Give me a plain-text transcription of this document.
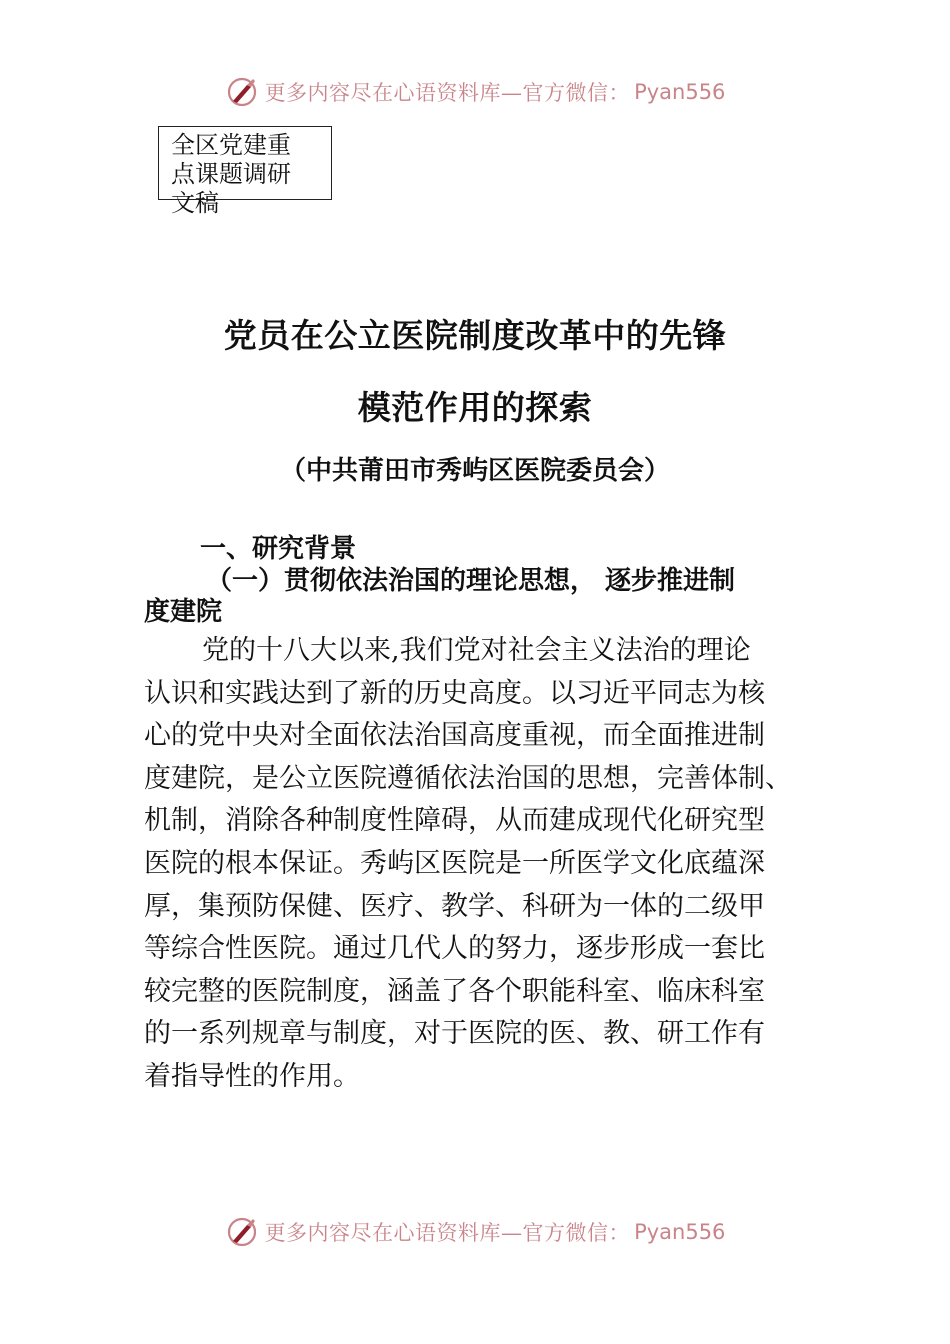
更多内容尽在心语资料库—官方微信： Pyan556
全区党建重
点课题调研
文稿
党员在公立医院制度改革中的先锋
模范作用的探索
（中共莆田市秀屿区医院委员会）
一、研究背景
（一）贯彻依法治国的理论思想， 逐步推进制
度建院
党的十八大以来,我们党对社会主义法治的理论
认识和实践达到了新的历史高度。以习近平同志为核
心的党中央对全面依法治国高度重视，而全面推进制
度建院，是公立医院遵循依法治国的思想，完善体制、
机制，消除各种制度性障碍，从而建成现代化研究型
医院的根本保证。秀屿区医院是一所医学文化底蕴深
厚，集预防保健、医疗、教学、科研为一体的二级甲
等综合性医院。通过几代人的努力，逐步形成一套比
较完整的医院制度，涵盖了各个职能科室、临床科室
的一系列规章与制度，对于医院的医、教、研工作有
着指导性的作用。
更多内容尽在心语资料库—官方微信： Pyan556
